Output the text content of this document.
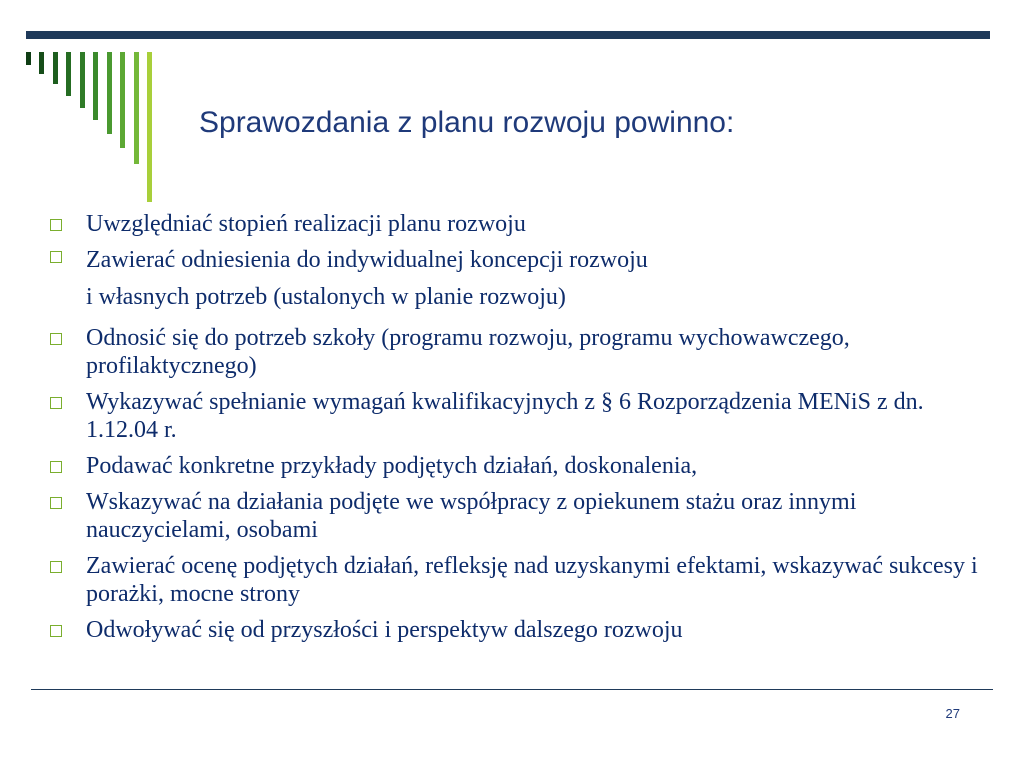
Sprawozdania z planu rozwoju powinno:
Uwzględniać stopień realizacji planu rozwoju
Zawierać odniesienia do indywidualnej koncepcji rozwoju
i własnych potrzeb (ustalonych w planie rozwoju)
Odnosić się do potrzeb szkoły (programu rozwoju, programu wychowawczego, profilaktycznego)
Wykazywać spełnianie wymagań kwalifikacyjnych z § 6 Rozporządzenia MENiS z dn. 1.12.04 r.
Podawać konkretne przykłady podjętych działań, doskonalenia,
Wskazywać na działania podjęte we współpracy z opiekunem stażu oraz innymi nauczycielami, osobami
Zawierać ocenę podjętych działań, refleksję nad uzyskanymi efektami, wskazywać sukcesy i porażki, mocne strony
Odwoływać się od przyszłości i perspektyw dalszego rozwoju
27
